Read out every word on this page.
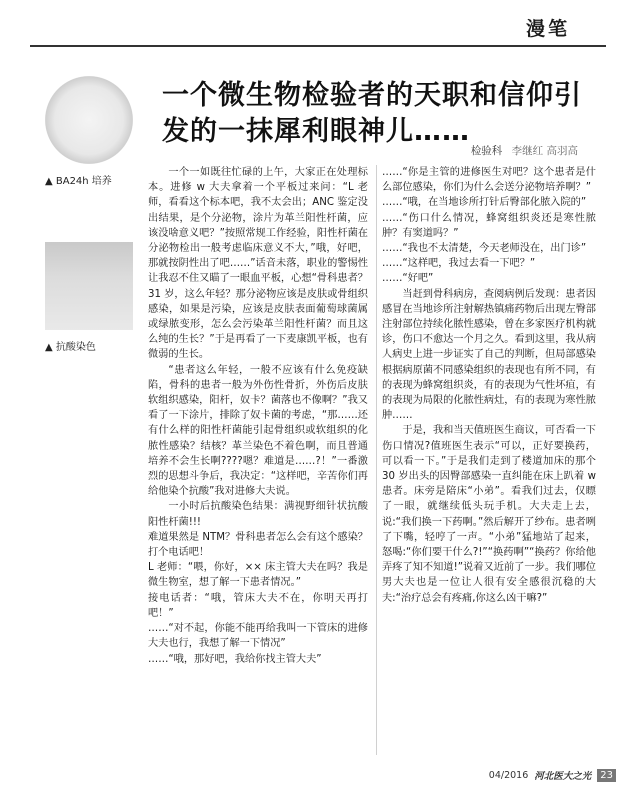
漫笔
▲ BA24h 培养
▲ 抗酸染色
一个微生物检验者的天职和信仰引发的一抹犀利眼神儿……
检验科 李继红 高羽高

一个一如既往忙碌的上午，大家正在处理标本。进修 w 大夫拿着一个平板过来问：“L 老师，看看这个标本吧，我不太会出；ANC 鉴定没出结果，是个分泌物，涂片为革兰阳性杆菌，应该没啥意义吧？”按照常规工作经验，阳性杆菌在分泌物检出一般考虑临床意义不大，”哦，好吧，那就按阴性出了吧……”话音未落，职业的警惕性让我忍不住又瞄了一眼血平板，心想“骨科患者？ 31 岁，这么年轻？那分泌物应该是皮肤或骨组织感染，如果是污染，应该是皮肤表面葡萄球菌属或绿脓变形，怎么会污染革兰阳性杆菌？而且这么纯的生长？”于是再看了一下麦康凯平板，也有微弱的生长。

“患者这么年轻，一般不应该有什么免疫缺陷，骨科的患者一般为外伤性骨折，外伤后皮肤软组织感染，阳杆，奴卡？菌落也不像啊？”我又看了一下涂片，排除了奴卡菌的考虑，“那……还有什么样的阳性杆菌能引起骨组织或软组织的化脓性感染？结核？革兰染色不着色啊，而且普通培养不会生长啊????嗯？难道是……?！”一番激烈的思想斗争后，我决定：“这样吧，辛苦你们再给他染个抗酸”我对进修大夫说。

一小时后抗酸染色结果：满视野细针状抗酸阳性杆菌!!!

难道果然是 NTM？骨科患者怎么会有这个感染？打个电话吧！

L 老师：“喂，你好，×× 床主管大夫在吗？我是微生物室，想了解一下患者情况。”

接电话者：“哦，管床大夫不在，你明天再打吧！”

……“对不起，你能不能再给我叫一下管床的进修大夫也行，我想了解一下情况”

……“哦，那好吧，我给你找主管大夫”

……“你是主管的进修医生对吧？这个患者是什么部位感染，你们为什么会送分泌物培养啊？”

……“哦，在当地诊所打针后臀部化脓入院的”

……“伤口什么情况，蜂窝组织炎还是寒性脓肿？有窦道吗？”

……“我也不太清楚，今天老师没在，出门诊”

……“这样吧，我过去看一下吧？”

……“好吧”

当赶到骨科病房，查阅病例后发现：患者因感冒在当地诊所注射解热镇痛药物后出现左臀部注射部位持续化脓性感染，曾在多家医疗机构就诊，伤口不愈达一个月之久。看到这里，我从病人病史上进一步证实了自己的判断，但局部感染根据病原菌不同感染组织的表现也有所不同，有的表现为蜂窝组织炎，有的表现为气性坏疽，有的表现为局限的化脓性病灶，有的表现为寒性脓肿……

于是，我和当天值班医生商议，可否看一下伤口情况?值班医生表示“可以，正好要换药，可以看一下。”于是我们走到了楼道加床的那个 30 岁出头的因臀部感染一直纠能在床上趴着 w 患者。床旁是陪床“小弟”。看我们过去，仅瞟了一眼，就继续低头玩手机。大夫走上去，说:“我们换一下药啊。”然后解开了纱布。患者咧了下嘴，轻哼了一声。“小弟”猛地站了起来，怒喝:“你们要干什么?!”“换药啊”“换药？你给他弄疼了知不知道!”说着又近前了一步。我们哪位男大夫也是一位让人很有安全感很沉稳的大夫:“治疗总会有疼痛,你这么凶干嘛?”

04/2016 河北医大之光 23
